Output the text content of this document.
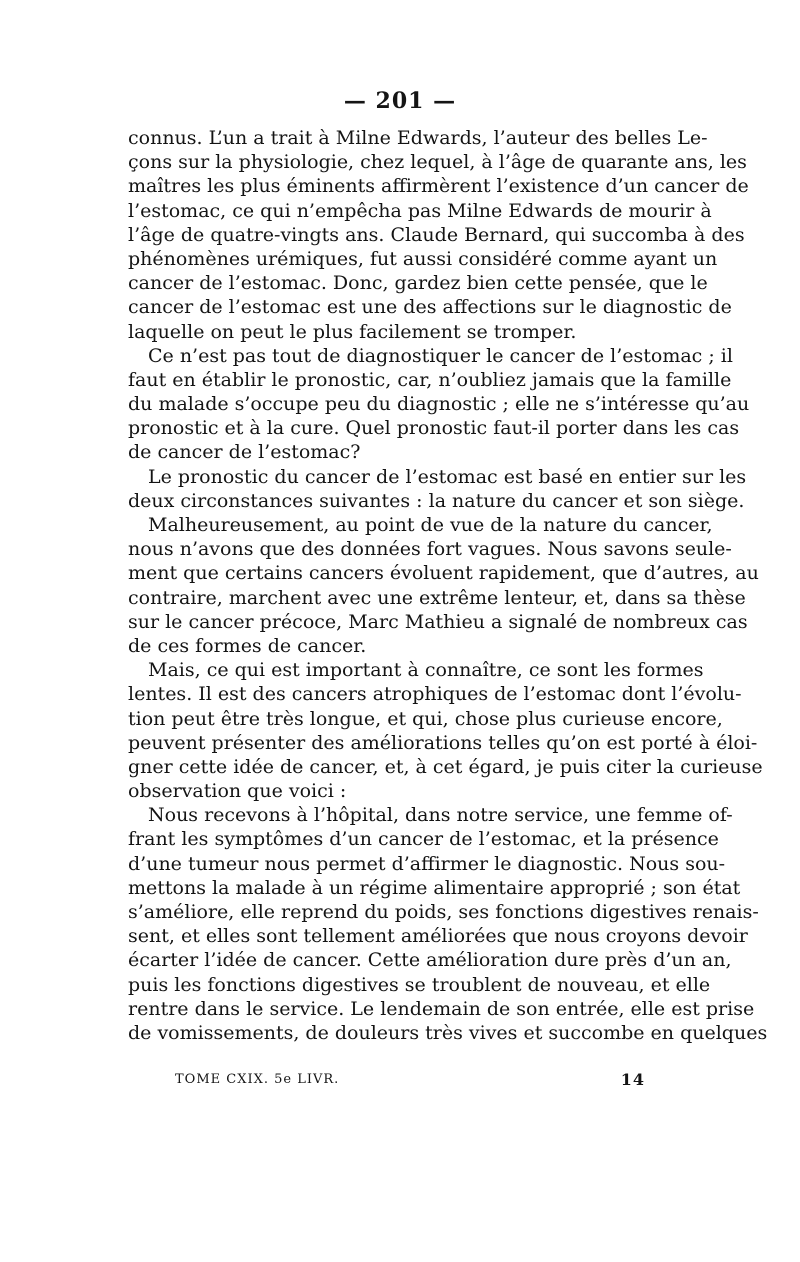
— 201 —
connus. L’un a trait à Milne Edwards, l’auteur des belles Le-
çons sur la physiologie, chez lequel, à l’âge de quarante ans, les
maîtres les plus éminents affirmèrent l’existence d’un cancer de
l’estomac, ce qui n’empêcha pas Milne Edwards de mourir à
l’âge de quatre-vingts ans. Claude Bernard, qui succomba à des
phénomènes urémiques, fut aussi considéré comme ayant un
cancer de l’estomac. Donc, gardez bien cette pensée, que le
cancer de l’estomac est une des affections sur le diagnostic de
laquelle on peut le plus facilement se tromper.
Ce n’est pas tout de diagnostiquer le cancer de l’estomac ; il
faut en établir le pronostic, car, n’oubliez jamais que la famille
du malade s’occupe peu du diagnostic ; elle ne s’intéresse qu’au
pronostic et à la cure. Quel pronostic faut-il porter dans les cas
de cancer de l’estomac?
Le pronostic du cancer de l’estomac est basé en entier sur les
deux circonstances suivantes : la nature du cancer et son siège.
Malheureusement, au point de vue de la nature du cancer,
nous n’avons que des données fort vagues. Nous savons seule-
ment que certains cancers évoluent rapidement, que d’autres, au
contraire, marchent avec une extrême lenteur, et, dans sa thèse
sur le cancer précoce, Marc Mathieu a signalé de nombreux cas
de ces formes de cancer.
Mais, ce qui est important à connaître, ce sont les formes
lentes. Il est des cancers atrophiques de l’estomac dont l’évolu-
tion peut être très longue, et qui, chose plus curieuse encore,
peuvent présenter des améliorations telles qu’on est porté à éloi-
gner cette idée de cancer, et, à cet égard, je puis citer la curieuse
observation que voici :
Nous recevons à l’hôpital, dans notre service, une femme of-
frant les symptômes d’un cancer de l’estomac, et la présence
d’une tumeur nous permet d’affirmer le diagnostic. Nous sou-
mettons la malade à un régime alimentaire approprié ; son état
s’améliore, elle reprend du poids, ses fonctions digestives renais-
sent, et elles sont tellement améliorées que nous croyons devoir
écarter l’idée de cancer. Cette amélioration dure près d’un an,
puis les fonctions digestives se troublent de nouveau, et elle
rentre dans le service. Le lendemain de son entrée, elle est prise
de vomissements, de douleurs très vives et succombe en quelques
TOME CXIX. 5e LIVR.	14
